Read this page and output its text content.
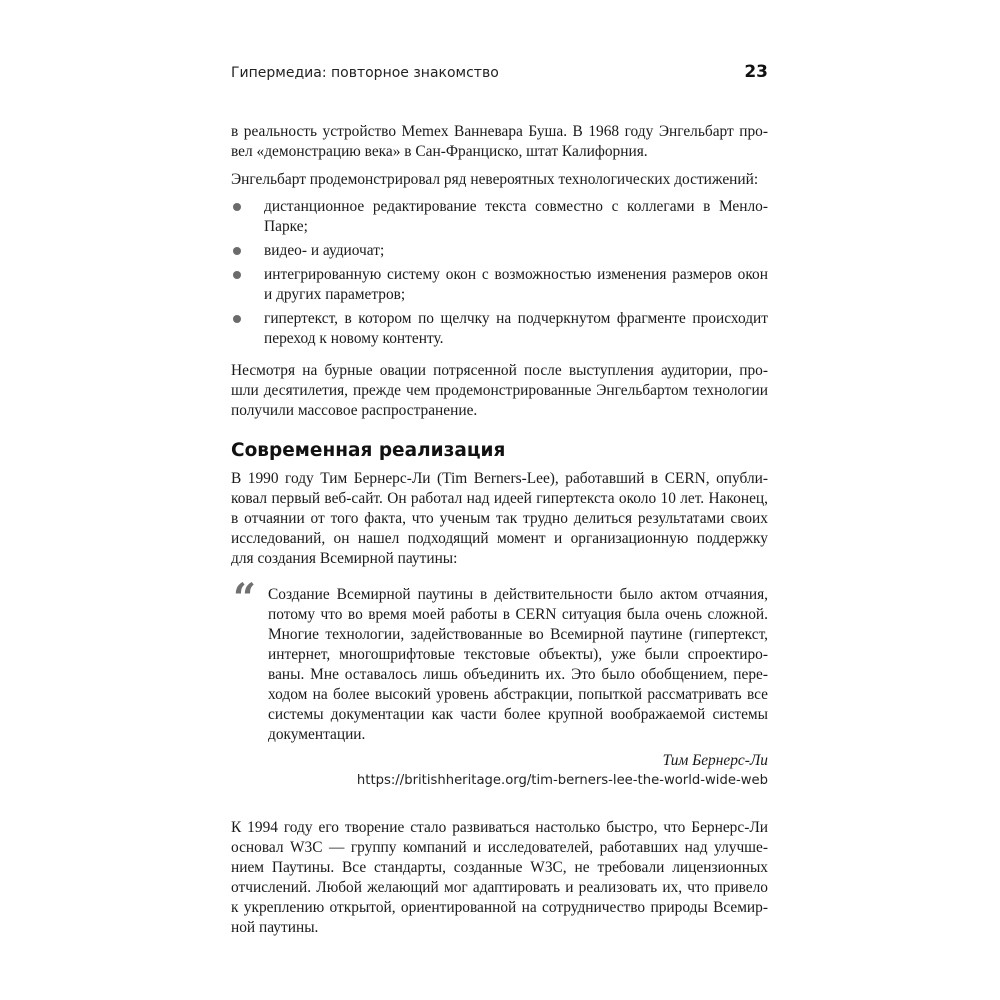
Гипермедиа: повторное знакомство	23

в реальность устройство Memex Ванневара Буша. В 1968 году Энгельбарт про-
вел «демонстрацию века» в Сан-Франциско, штат Калифорния.

Энгельбарт продемонстрировал ряд невероятных технологических достижений:

дистанционное редактирование текста совместно с коллегами в Менло-
Парке;
видео- и аудиочат;
интегрированную систему окон с возможностью изменения размеров окон
и других параметров;
гипертекст, в котором по щелчку на подчеркнутом фрагменте происходит
переход к новому контенту.

Несмотря на бурные овации потрясенной после выступления аудитории, про-
шли десятилетия, прежде чем продемонстрированные Энгельбартом технологии
получили массовое распространение.

Современная реализация

В 1990 году Тим Бернерс-Ли (Tim Berners-Lee), работавший в CERN, опубли-
ковал первый веб-сайт. Он работал над идеей гипертекста около 10 лет. Наконец,
в отчаянии от того факта, что ученым так трудно делиться результатами своих
исследований, он нашел подходящий момент и организационную поддержку
для создания Всемирной паутины:

“ Создание Всемирной паутины в действительности было актом отчаяния,
потому что во время моей работы в CERN ситуация была очень сложной.
Многие технологии, задействованные во Всемирной паутине (гипертекст,
интернет, многошрифтовые текстовые объекты), уже были спроектиро-
ваны. Мне оставалось лишь объединить их. Это было обобщением, пере-
ходом на более высокий уровень абстракции, попыткой рассматривать все
системы документации как части более крупной воображаемой системы
документации.
Тим Бернерс-Ли
https://britishheritage.org/tim-berners-lee-the-world-wide-web

К 1994 году его творение стало развиваться настолько быстро, что Бернерс-Ли
основал W3C — группу компаний и исследователей, работавших над улучше-
нием Паутины. Все стандарты, созданные W3C, не требовали лицензионных
отчислений. Любой желающий мог адаптировать и реализовать их, что привело
к укреплению открытой, ориентированной на сотрудничество природы Всемир-
ной паутины.
